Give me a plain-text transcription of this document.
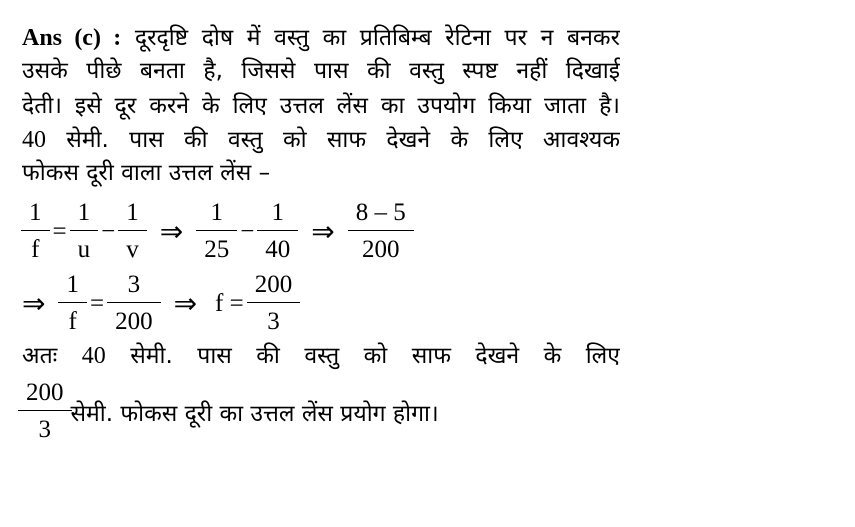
Ans (c) : दूरदृष्टि दोष में वस्तु का प्रतिबिम्ब रेटिना पर न बनकर
उसके पीछे बनता है, जिससे पास की वस्तु स्पष्ट नहीं दिखाई
देती। इसे दूर करने के लिए उत्तल लेंस का उपयोग किया जाता है।
40 सेमी. पास की वस्तु को साफ देखने के लिए आवश्यक
फोकस दूरी वाला उत्तल लेंस –
$\frac{1}{f} = \frac{1}{u} - \frac{1}{v}$ ⇒ $\frac{1}{25} - \frac{1}{40}$ ⇒ $\frac{8 - 5}{200}$
⇒ $\frac{1}{f} = \frac{3}{200}$ ⇒ $f = \frac{200}{3}$
अतः 40 सेमी. पास की वस्तु को साफ देखने के लिए
$\frac{200}{3}$ सेमी. फोकस दूरी का उत्तल लेंस प्रयोग होगा।
